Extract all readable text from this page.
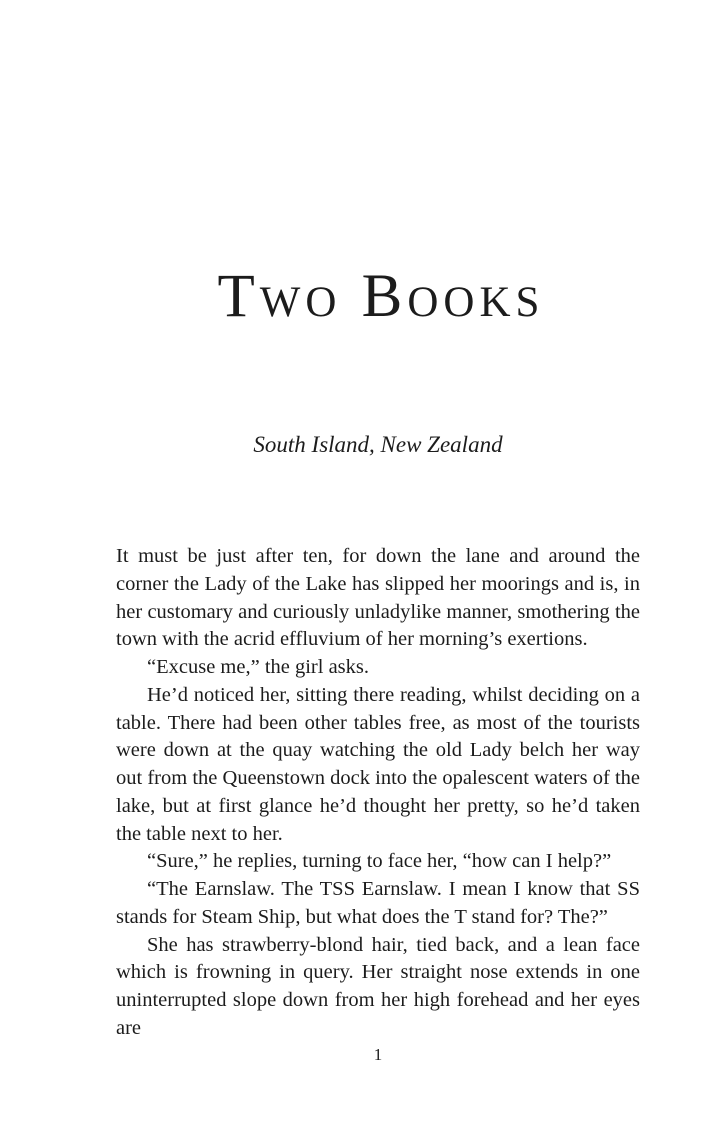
Two Books
South Island, New Zealand

It must be just after ten, for down the lane and around the corner the Lady of the Lake has slipped her moorings and is, in her customary and curiously unladylike manner, smothering the town with the acrid effluvium of her morning’s exertions.

“Excuse me,” the girl asks.

He’d noticed her, sitting there reading, whilst deciding on a table. There had been other tables free, as most of the tourists were down at the quay watching the old Lady belch her way out from the Queenstown dock into the opalescent waters of the lake, but at first glance he’d thought her pretty, so he’d taken the table next to her.

“Sure,” he replies, turning to face her, “how can I help?”

“The Earnslaw. The TSS Earnslaw. I mean I know that SS stands for Steam Ship, but what does the T stand for? The?”

She has strawberry-blond hair, tied back, and a lean face which is frowning in query. Her straight nose extends in one uninterrupted slope down from her high forehead and her eyes are

1
